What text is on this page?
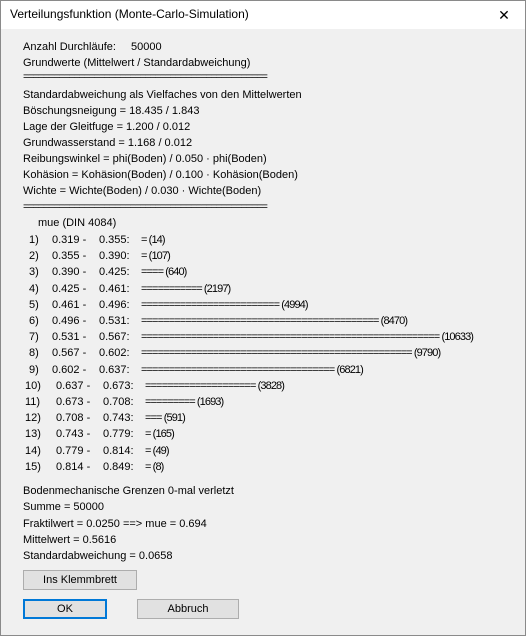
Verteilungsfunktion (Monte-Carlo-Simulation)	✕
Anzahl Durchläufe: 50000
Grundwerte (Mittelwert / Standardabweichung)
================================================
Standardabweichung als Vielfaches von den Mittelwerten
Böschungsneigung = 18.435 / 1.843
Lage der Gleitfuge = 1.200 / 0.012
Grundwasserstand = 1.168 / 0.012
Reibungswinkel = phi(Boden) / 0.050 · phi(Boden)
Kohäsion = Kohäsion(Boden) / 0.100 · Kohäsion(Boden)
Wichte = Wichte(Boden) / 0.030 · Wichte(Boden)
================================================
mue (DIN 4084)
1) 0.319 - 0.355: = (14)
2) 0.355 - 0.390: = (107)
3) 0.390 - 0.425: ==== (640)
4) 0.425 - 0.461: =========== (2197)
5) 0.461 - 0.496: ========================= (4994)
6) 0.496 - 0.531: =========================================== (8470)
7) 0.531 - 0.567: ====================================================== (10633)
8) 0.567 - 0.602: ================================================= (9790)
9) 0.602 - 0.637: =================================== (6821)
10) 0.637 - 0.673: ==================== (3828)
11) 0.673 - 0.708: ========= (1693)
12) 0.708 - 0.743: === (591)
13) 0.743 - 0.779: = (165)
14) 0.779 - 0.814: = (49)
15) 0.814 - 0.849: = (8)
Bodenmechanische Grenzen 0-mal verletzt
Summe = 50000
Fraktilwert = 0.0250 ==> mue = 0.694
Mittelwert = 0.5616
Standardabweichung = 0.0658
Ins Klemmbrett
OK	Abbruch
